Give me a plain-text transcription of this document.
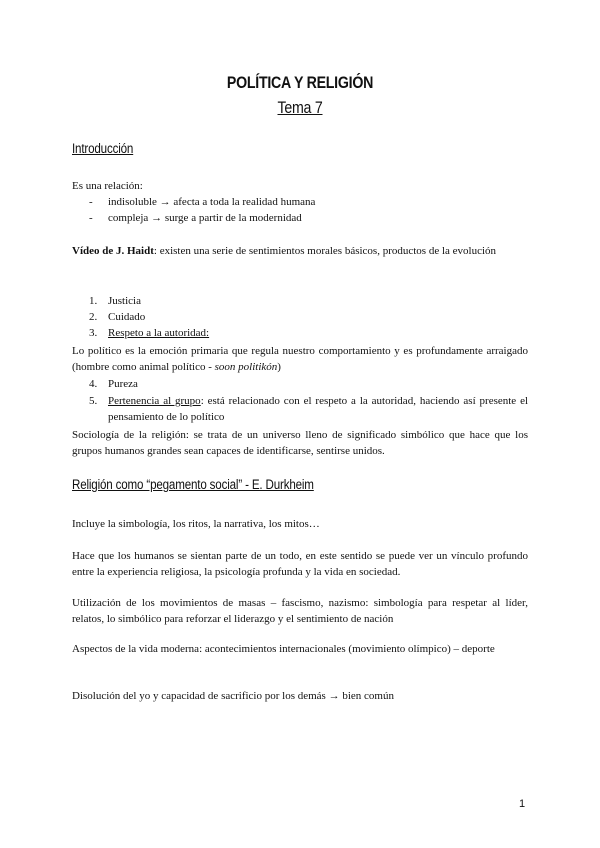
POLÍTICA Y RELIGIÓN
Tema 7
Introducción

Es una relación:

- indisoluble → afecta a toda la realidad humana
- compleja → surge a partir de la modernidad

Vídeo de J. Haidt: existen una serie de sentimientos morales básicos, productos de la evolución

1. Justicia
2. Cuidado
3. Respeto a la autoridad:

Lo político es la emoción primaria que regula nuestro comportamiento y es profundamente arraigado (hombre como animal político - soon politikón)

4. Pureza
5. Pertenencia al grupo: está relacionado con el respeto a la autoridad, haciendo así presente el pensamiento de lo político

Sociología de la religión: se trata de un universo lleno de significado simbólico que hace que los grupos humanos grandes sean capaces de identificarse, sentirse unidos.

Religión como “pegamento social” - E. Durkheim

Incluye la simbología, los ritos, la narrativa, los mitos…

Hace que los humanos se sientan parte de un todo, en este sentido se puede ver un vínculo profundo entre la experiencia religiosa, la psicología profunda y la vida en sociedad.

Utilización de los movimientos de masas – fascismo, nazismo: simbología para respetar al líder, relatos, lo simbólico para reforzar el liderazgo y el sentimiento de nación

Aspectos de la vida moderna: acontecimientos internacionales (movimiento olímpico) – deporte

Disolución del yo y capacidad de sacrificio por los demás → bien común

1
